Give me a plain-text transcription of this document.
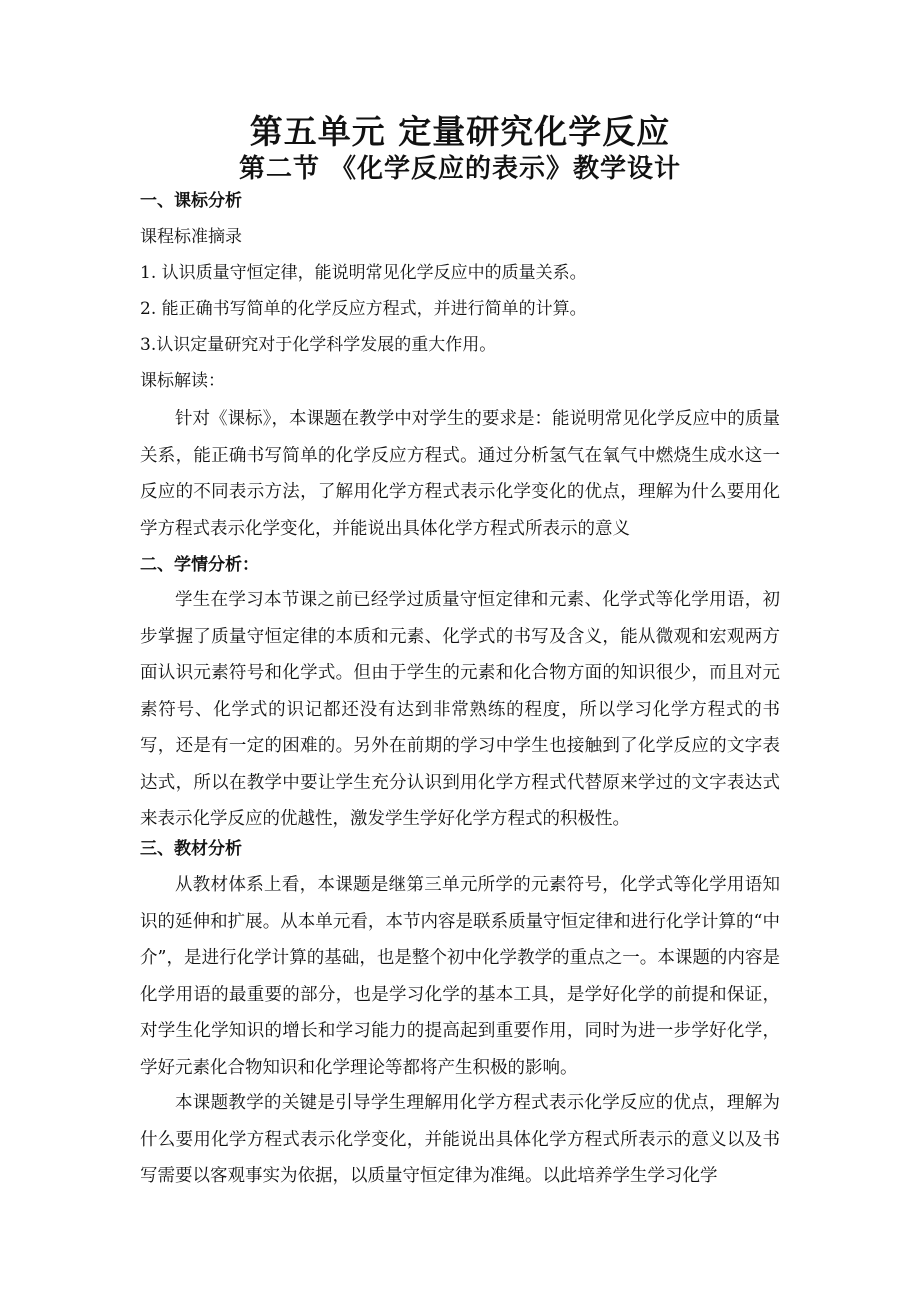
第五单元 定量研究化学反应
第二节 《化学反应的表示》教学设计
一、课标分析
课程标准摘录
1. 认识质量守恒定律，能说明常见化学反应中的质量关系。
2. 能正确书写简单的化学反应方程式，并进行简单的计算。
3.认识定量研究对于化学科学发展的重大作用。
课标解读：
针对《课标》，本课题在教学中对学生的要求是：能说明常见化学反应中的质量关系，能正确书写简单的化学反应方程式。通过分析氢气在氧气中燃烧生成水这一反应的不同表示方法，了解用化学方程式表示化学变化的优点，理解为什么要用化学方程式表示化学变化，并能说出具体化学方程式所表示的意义
二、学情分析：
学生在学习本节课之前已经学过质量守恒定律和元素、化学式等化学用语，初步掌握了质量守恒定律的本质和元素、化学式的书写及含义，能从微观和宏观两方面认识元素符号和化学式。但由于学生的元素和化合物方面的知识很少，而且对元素符号、化学式的识记都还没有达到非常熟练的程度，所以学习化学方程式的书写，还是有一定的困难的。另外在前期的学习中学生也接触到了化学反应的文字表达式，所以在教学中要让学生充分认识到用化学方程式代替原来学过的文字表达式来表示化学反应的优越性，激发学生学好化学方程式的积极性。
三、教材分析
从教材体系上看，本课题是继第三单元所学的元素符号，化学式等化学用语知识的延伸和扩展。从本单元看，本节内容是联系质量守恒定律和进行化学计算的“中介”，是进行化学计算的基础，也是整个初中化学教学的重点之一。本课题的内容是化学用语的最重要的部分，也是学习化学的基本工具，是学好化学的前提和保证，对学生化学知识的增长和学习能力的提高起到重要作用，同时为进一步学好化学，学好元素化合物知识和化学理论等都将产生积极的影响。
本课题教学的关键是引导学生理解用化学方程式表示化学反应的优点，理解为什么要用化学方程式表示化学变化，并能说出具体化学方程式所表示的意义以及书写需要以客观事实为依据，以质量守恒定律为准绳。以此培养学生学习化学
